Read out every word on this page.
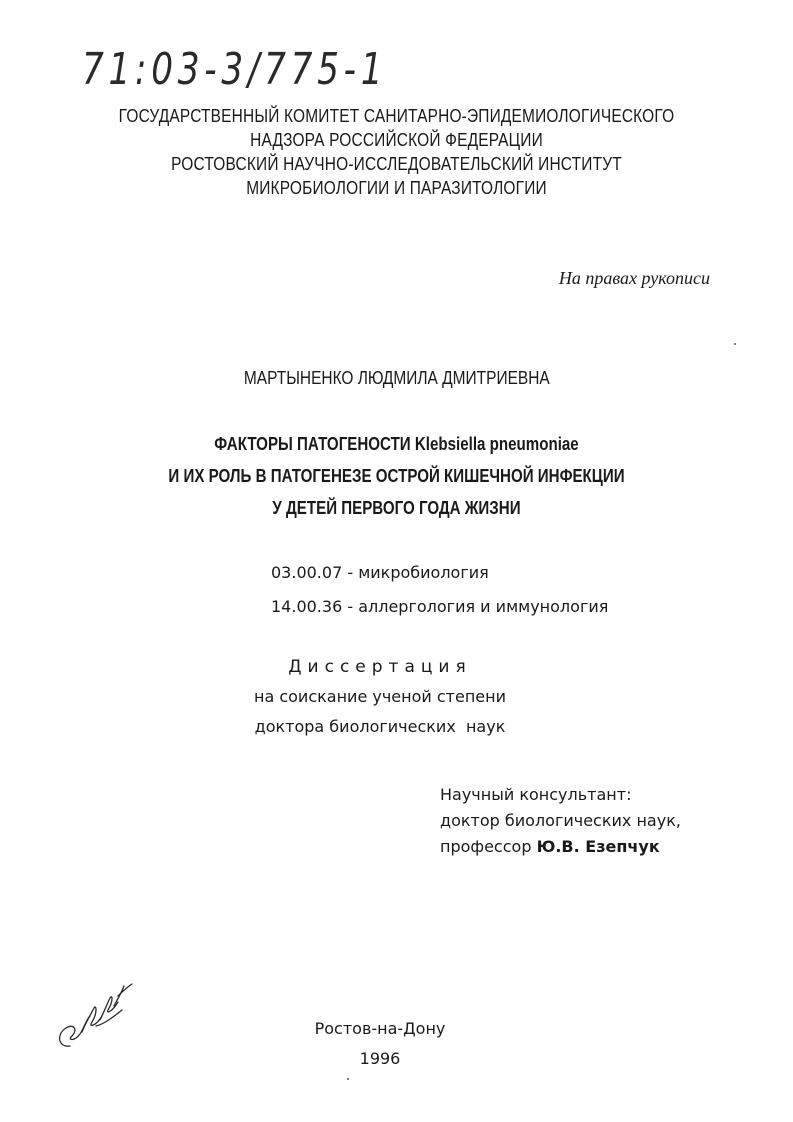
71:03-3/775-1
ГОСУДАРСТВЕННЫЙ КОМИТЕТ САНИТАРНО-ЭПИДЕМИОЛОГИЧЕСКОГО
НАДЗОРА РОССИЙСКОЙ ФЕДЕРАЦИИ
РОСТОВСКИЙ НАУЧНО-ИССЛЕДОВАТЕЛЬСКИЙ ИНСТИТУТ
МИКРОБИОЛОГИИ И ПАРАЗИТОЛОГИИ
На правах рукописи
МАРТЫНЕНКО ЛЮДМИЛА ДМИТРИЕВНА
ФАКТОРЫ ПАТОГЕНОСТИ Klebsiella pneumoniae
И ИХ РОЛЬ В ПАТОГЕНЕЗЕ ОСТРОЙ КИШЕЧНОЙ ИНФЕКЦИИ
У ДЕТЕЙ ПЕРВОГО ГОДА ЖИЗНИ
03.00.07 - микробиология
14.00.36 - аллергология и иммунология
Диссертация
на соискание ученой степени
доктора биологических  наук
Научный консультант:
доктор биологических наук,
профессор Ю.В. Езепчук
Ростов-на-Дону
1996
